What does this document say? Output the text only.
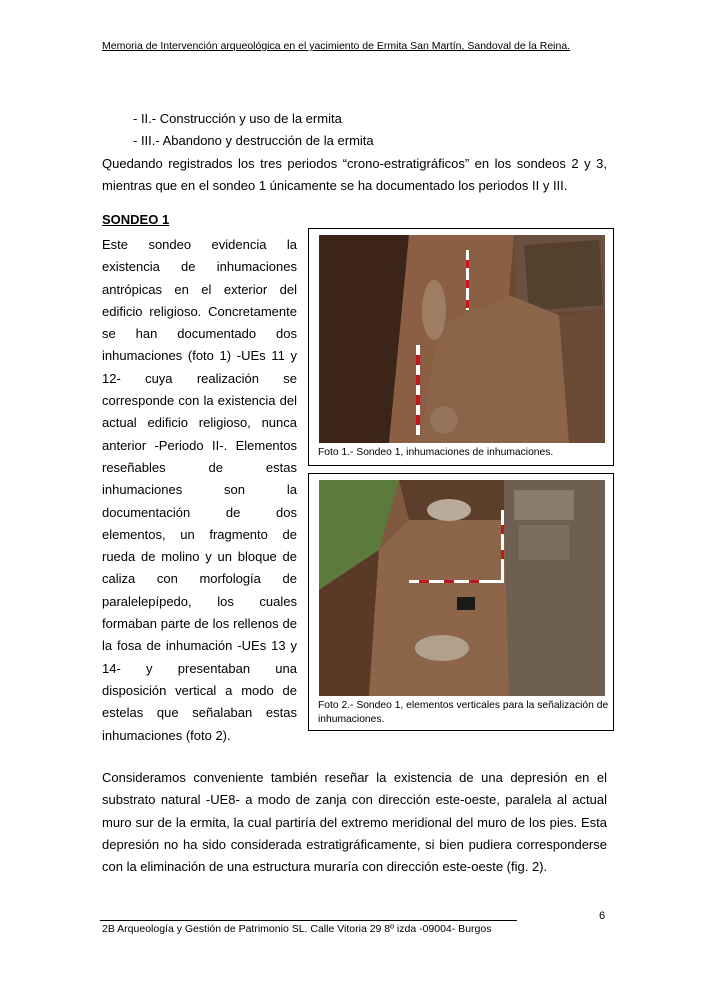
Memoria de Intervención arqueológica en el yacimiento de Ermita San Martín, Sandoval de la Reina.
- II.- Construcción y uso de la ermita
- III.- Abandono y destrucción de la ermita
Quedando registrados los tres periodos “crono-estratigráficos” en los sondeos 2 y 3, mientras que en el sondeo 1 únicamente se ha documentado los periodos II y III.
SONDEO 1
Este sondeo evidencia la existencia de inhumaciones antrópicas en el exterior del edificio religioso. Concretamente se han documentado dos inhumaciones (foto 1) -UEs 11 y 12- cuya realización se corresponde con la existencia del actual edificio religioso, nunca anterior -Periodo II-. Elementos reseñables de estas inhumaciones son la documentación de dos elementos, un fragmento de rueda de molino y un bloque de caliza con morfología de paralelepípedo, los cuales formaban parte de los rellenos de la fosa de inhumación -UEs 13 y 14- y presentaban una disposición vertical a modo de estelas que señalaban estas inhumaciones (foto 2).
Foto 1.- Sondeo 1, inhumaciones de inhumaciones.
Foto 2.- Sondeo 1, elementos verticales para la señalización de inhumaciones.
Consideramos conveniente también reseñar la existencia de una depresión en el substrato natural -UE8- a modo de zanja con dirección este-oeste, paralela al actual muro sur de la ermita, la cual partiría del extremo meridional del muro de los pies. Esta depresión no ha sido considerada estratigráficamente, si bien pudiera corresponderse con la eliminación de una estructura muraría con dirección este-oeste (fig. 2).
6
2B Arqueología y Gestión de Patrimonio SL. Calle Vitoria 29 8º izda -09004- Burgos
